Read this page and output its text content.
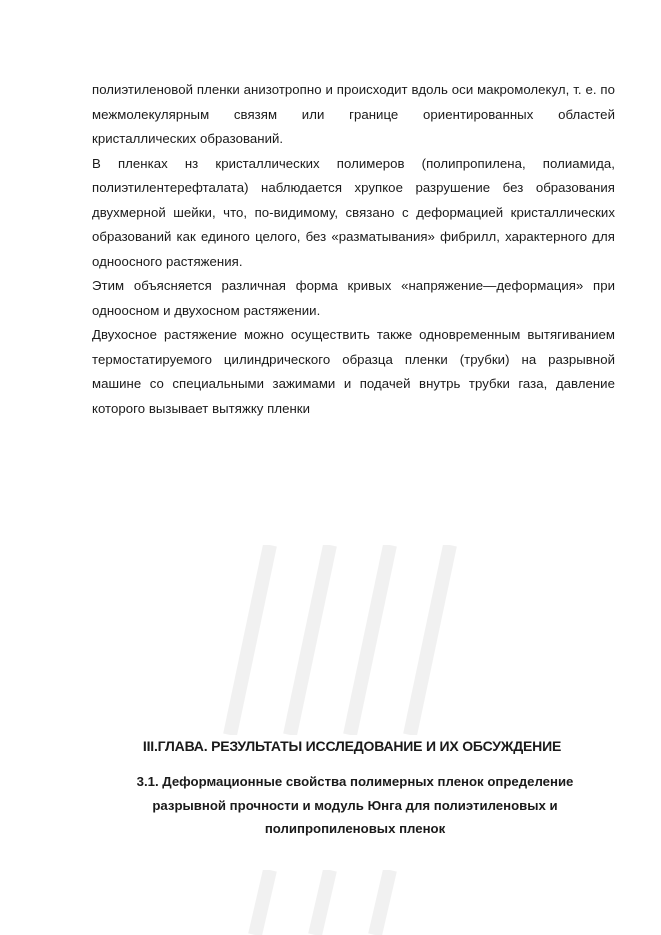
полиэтиленовой пленки анизотропно и происходит вдоль оси макромолекул, т. е. по межмолекулярным связям или границе ориентированных областей кристаллических образований.

В пленках нз кристаллических полимеров (полипропилена, полиамида, полиэтилентерефталата) наблюдается хрупкое разрушение без образования двухмерной шейки, что, по-видимому, связано с деформацией кристаллических образований как единого целого, без «разматывания» фибрилл, характерного для одноосного растяжения.

Этим объясняется различная форма кривых «напряжение—деформация» при одноосном и двухосном растяжении.

Двухосное растяжение можно осуществить также одновременным вытягиванием термостатируемого цилиндрического образца пленки (трубки) на разрывной машине со специальными зажимами и подачей внутрь трубки газа, давление которого вызывает вытяжку пленки

III.ГЛАВА. РЕЗУЛЬТАТЫ ИССЛЕДОВАНИЕ И ИХ ОБСУЖДЕНИЕ
3.1. Деформационные свойства полимерных пленок определение разрывной прочности и модуль Юнга для полиэтиленовых и полипропиленовых пленок
